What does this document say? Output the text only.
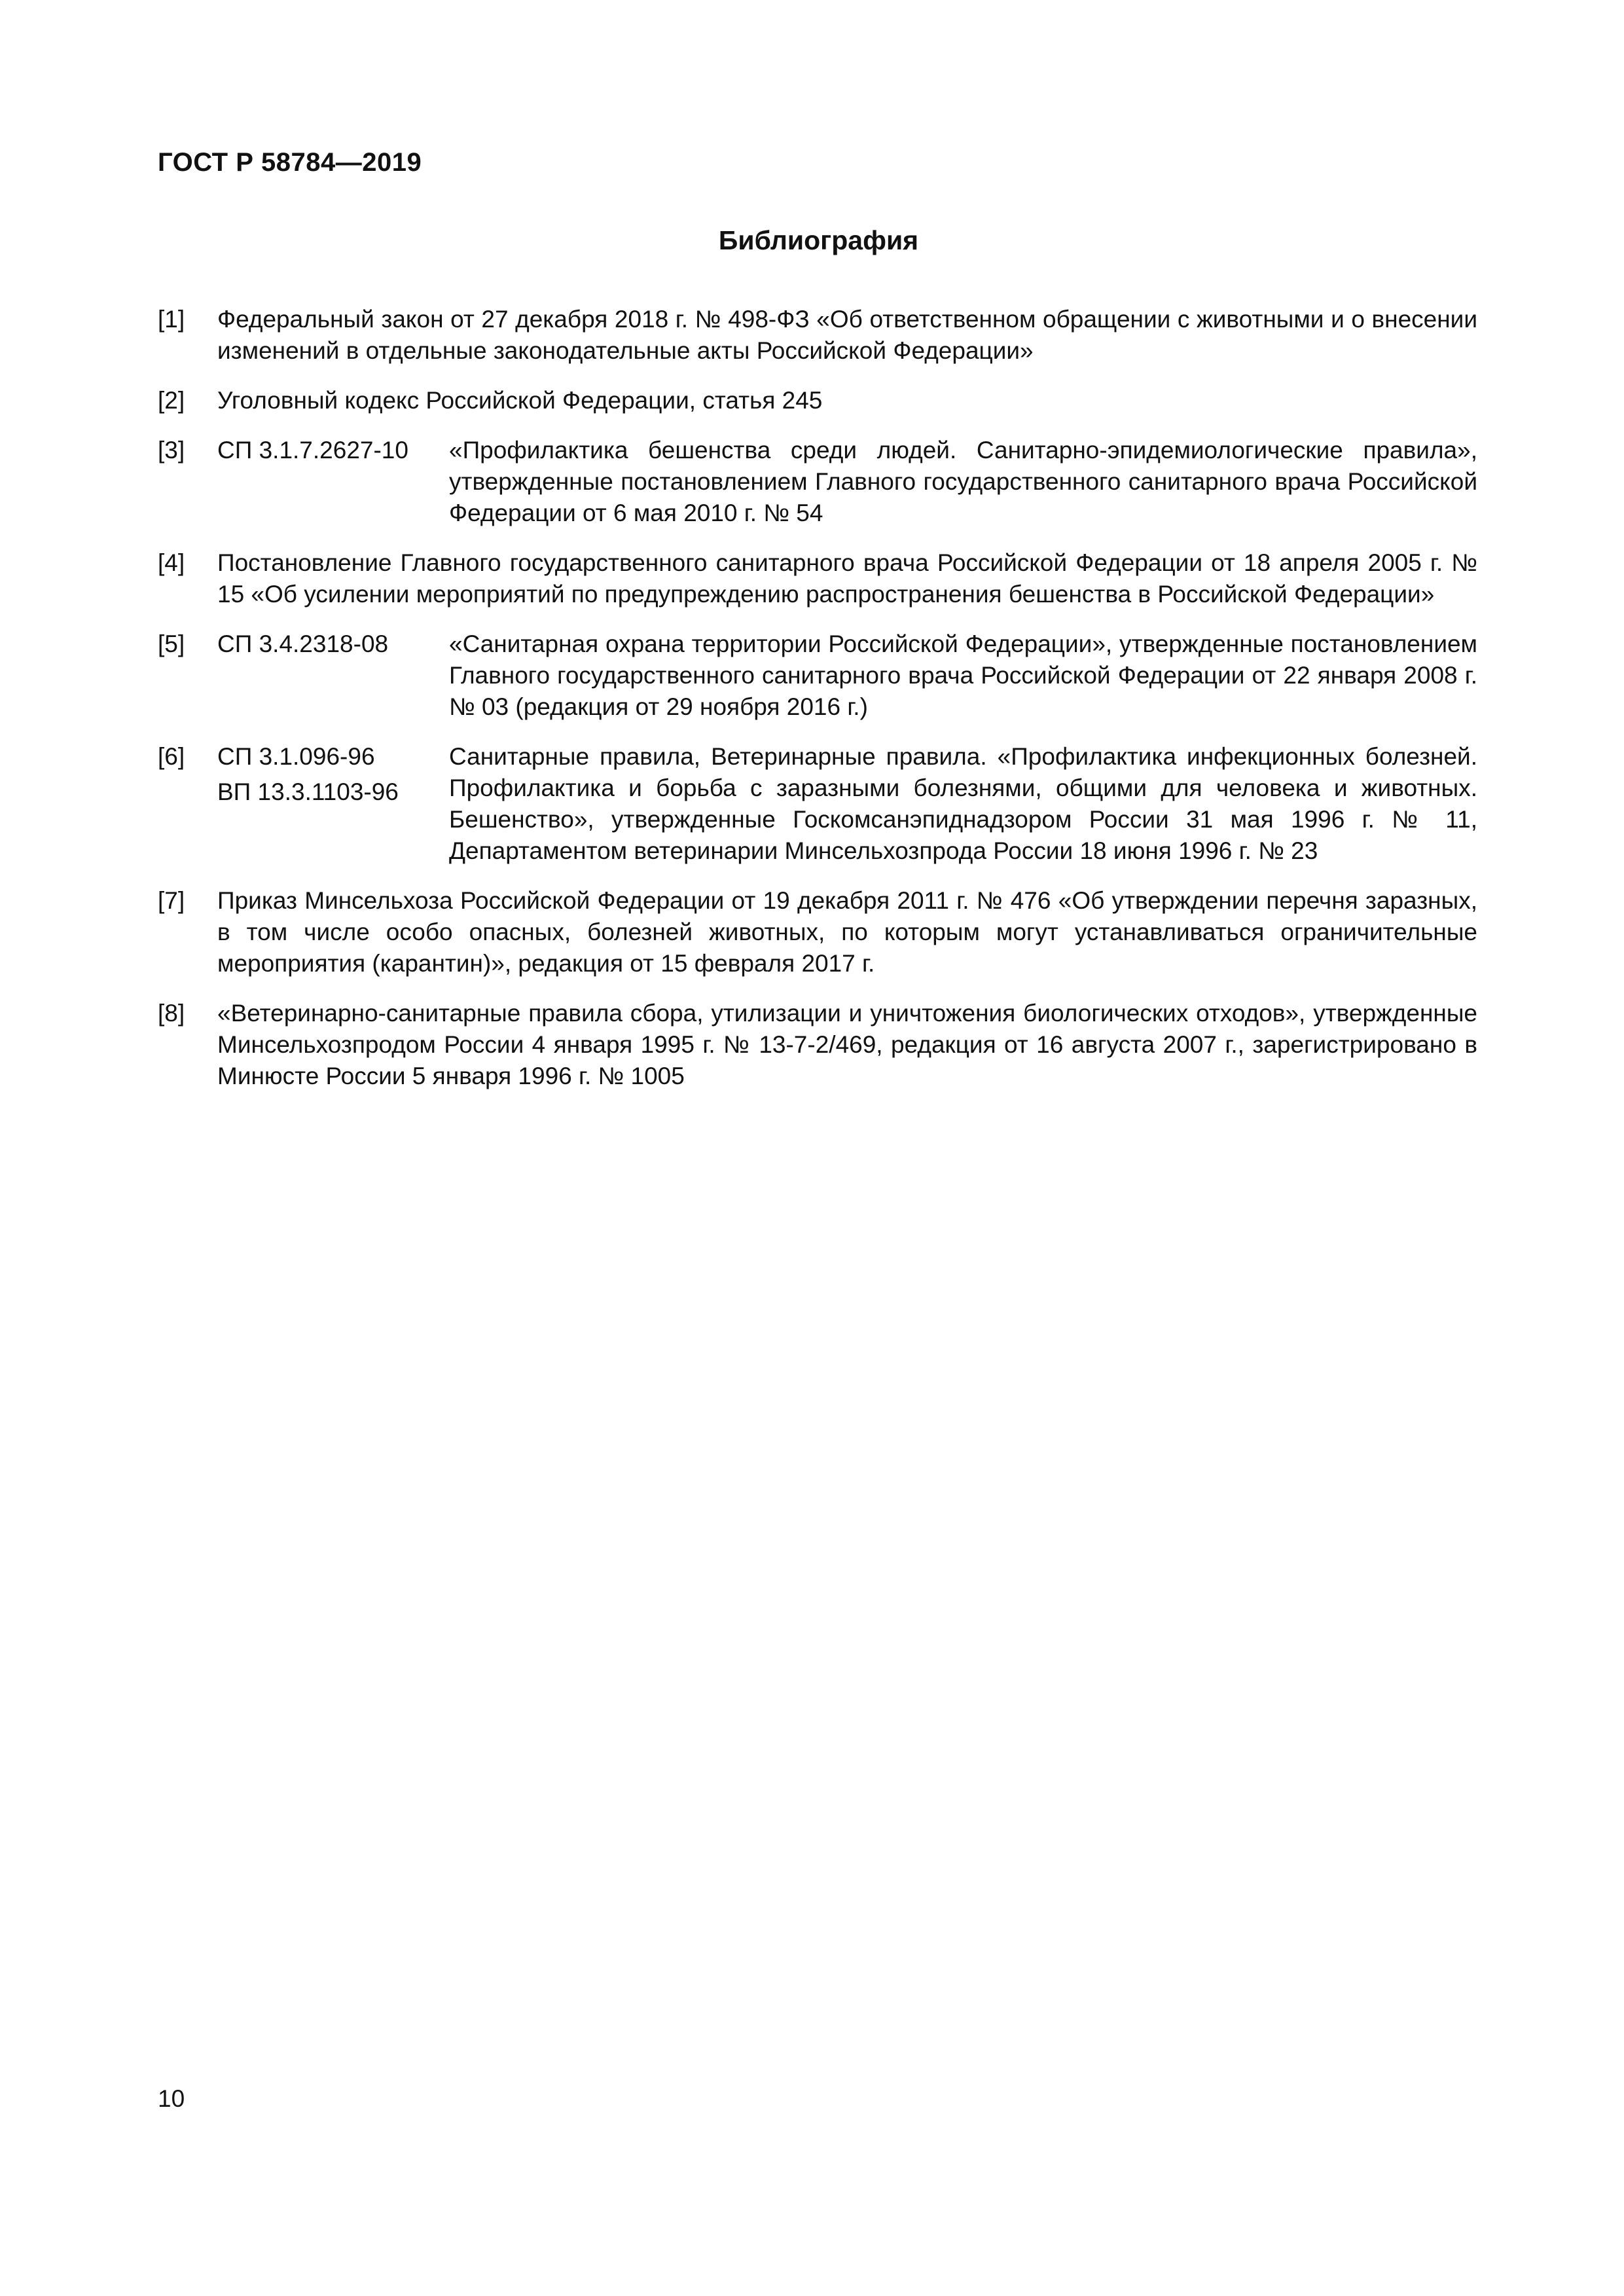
ГОСТ Р 58784—2019
Библиография
[1] Федеральный закон от 27 декабря 2018 г. № 498-ФЗ «Об ответственном обращении с животными и о внесении изменений в отдельные законодательные акты Российской Федерации»
[2] Уголовный кодекс Российской Федерации, статья 245
[3] СП 3.1.7.2627-10 «Профилактика бешенства среди людей. Санитарно-эпидемиологические правила», утвержденные постановлением Главного государственного санитарного врача Российской Федерации от 6 мая 2010 г. № 54
[4] Постановление Главного государственного санитарного врача Российской Федерации от 18 апреля 2005 г. № 15 «Об усилении мероприятий по предупреждению распространения бешенства в Российской Федерации»
[5] СП 3.4.2318-08	«Санитарная охрана территории Российской Федерации», утвержденные постановлением Главного государственного санитарного врача Российской Федерации от 22 января 2008 г. № 03 (редакция от 29 ноября 2016 г.)
[6] СП 3.1.096-96
ВП 13.3.1103-96
Санитарные правила, Ветеринарные правила. «Профилактика инфекционных болезней. Профилактика и борьба с заразными болезнями, общими для человека и животных. Бешенство», утвержденные Госкомсанэпиднадзором России 31 мая 1996 г. № 11, Департаментом ветеринарии Минсельхозпрода России 18 июня 1996 г. № 23
[7] Приказ Минсельхоза Российской Федерации от 19 декабря 2011 г. № 476 «Об утверждении перечня заразных, в том числе особо опасных, болезней животных, по которым могут устанавливаться ограничительные мероприятия (карантин)», редакция от 15 февраля 2017 г.
[8] «Ветеринарно-санитарные правила сбора, утилизации и уничтожения биологических отходов», утвержденные Минсельхозпродом России 4 января 1995 г. № 13-7-2/469, редакция от 16 августа 2007 г., зарегистрировано в Минюсте России 5 января 1996 г. № 1005
10
